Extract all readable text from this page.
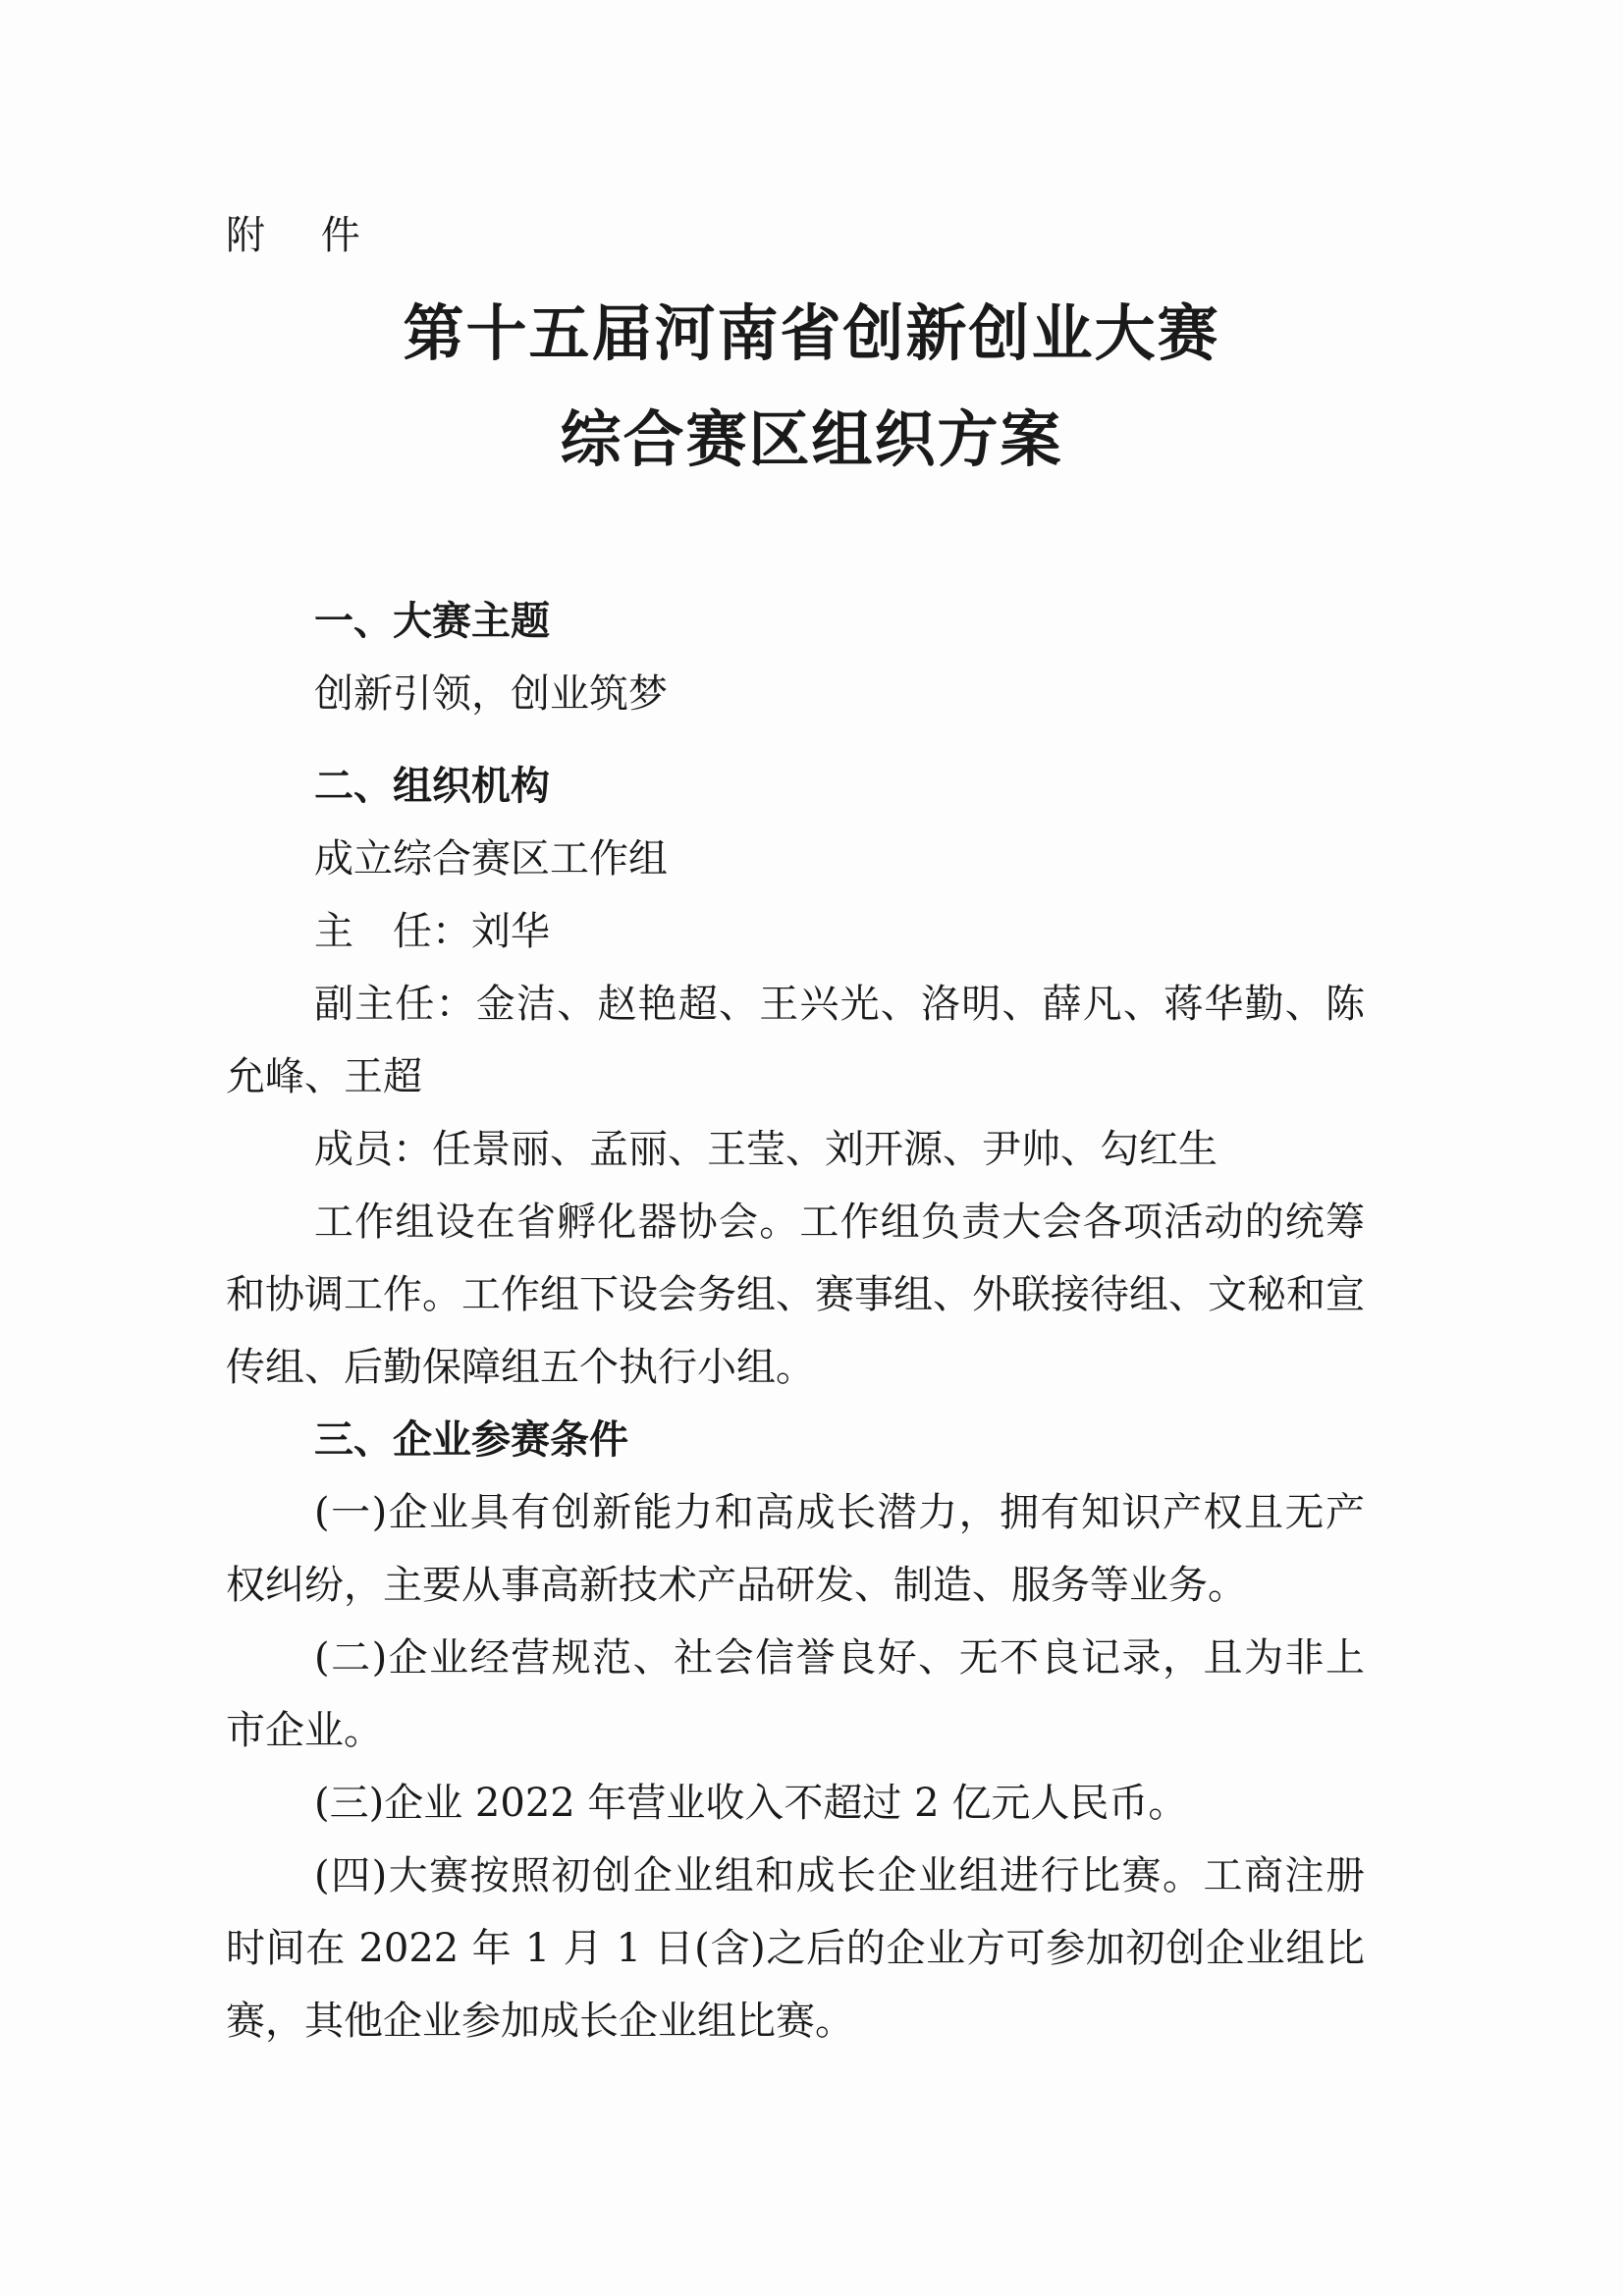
附 件
第十五届河南省创新创业大赛
综合赛区组织方案

一、大赛主题

创新引领，创业筑梦

二、组织机构

成立综合赛区工作组

主　任：刘华

副主任：金洁、赵艳超、王兴光、洛明、薛凡、蒋华勤、陈允峰、王超

成员：任景丽、孟丽、王莹、刘开源、尹帅、勾红生

工作组设在省孵化器协会。工作组负责大会各项活动的统筹和协调工作。工作组下设会务组、赛事组、外联接待组、文秘和宣传组、后勤保障组五个执行小组。

三、企业参赛条件

(一)企业具有创新能力和高成长潜力，拥有知识产权且无产权纠纷，主要从事高新技术产品研发、制造、服务等业务。

(二)企业经营规范、社会信誉良好、无不良记录，且为非上市企业。

(三)企业 2022 年营业收入不超过 2 亿元人民币。

(四)大赛按照初创企业组和成长企业组进行比赛。工商注册时间在 2022 年 1 月 1 日(含)之后的企业方可参加初创企业组比赛，其他企业参加成长企业组比赛。
